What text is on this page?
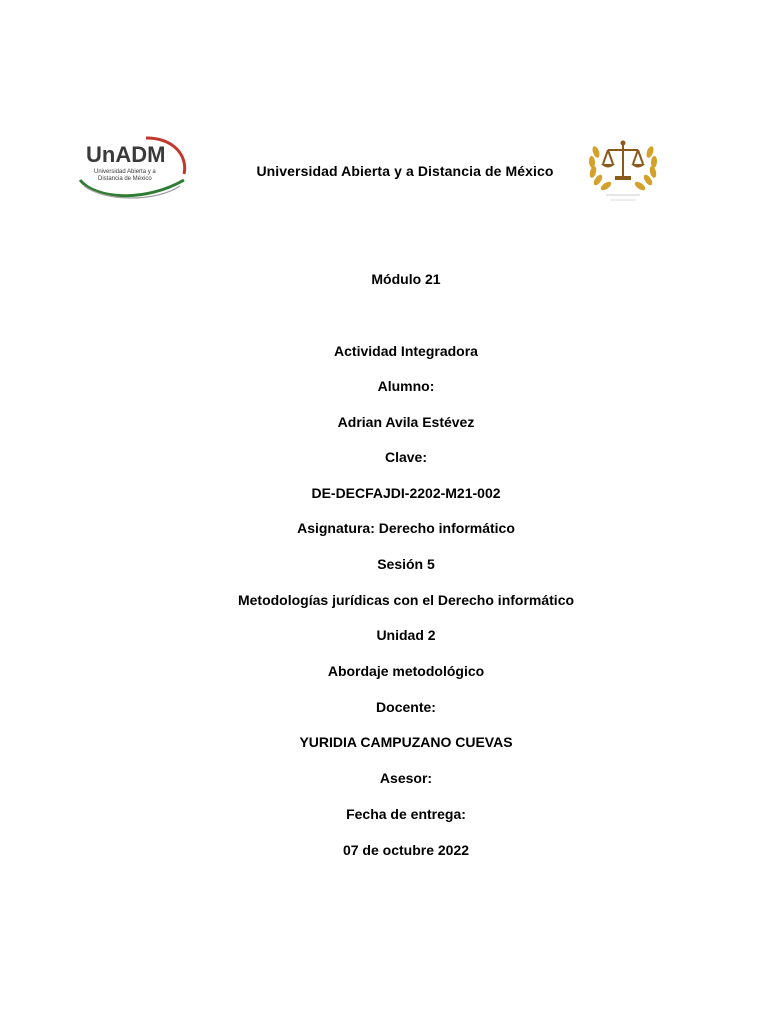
UnADM
Universidad Abierta y a
Distancia de México	Universidad Abierta y a Distancia de México
Módulo 21
Actividad Integradora
Alumno:
Adrian Avila Estévez
Clave:
DE-DECFAJDI-2202-M21-002
Asignatura: Derecho informático
Sesión 5
Metodologías jurídicas con el Derecho informático
Unidad 2
Abordaje metodológico
Docente:
YURIDIA CAMPUZANO CUEVAS
Asesor:
Fecha de entrega:
07 de octubre 2022
